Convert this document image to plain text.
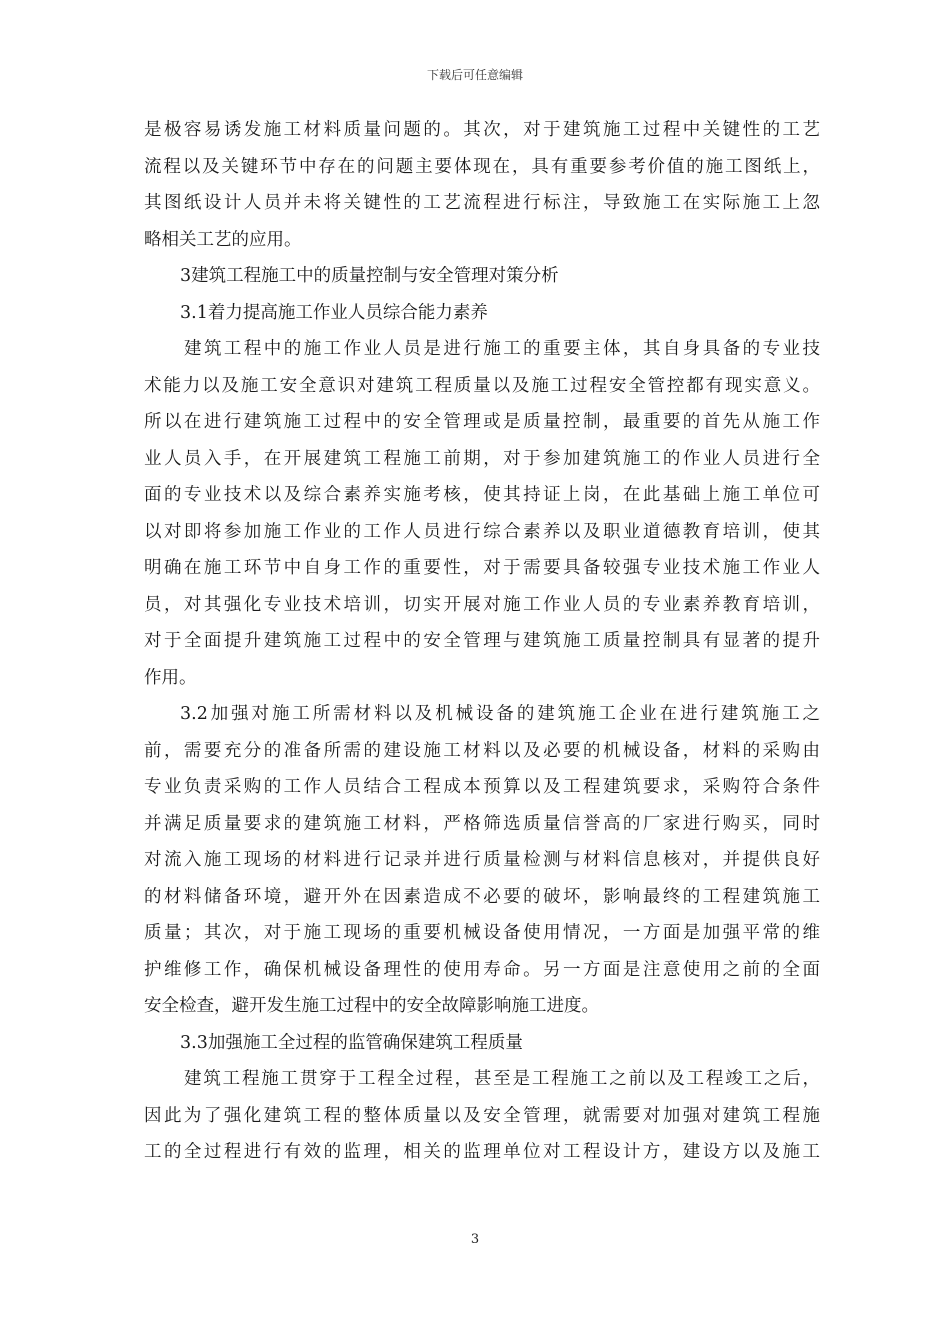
下载后可任意编辑
是极容易诱发施工材料质量问题的。其次，对于建筑施工过程中关键性的工艺
流程以及关键环节中存在的问题主要体现在，具有重要参考价值的施工图纸上，
其图纸设计人员并未将关键性的工艺流程进行标注，导致施工在实际施工上忽
略相关工艺的应用。
3建筑工程施工中的质量控制与安全管理对策分析
3.1着力提高施工作业人员综合能力素养
建筑工程中的施工作业人员是进行施工的重要主体，其自身具备的专业技
术能力以及施工安全意识对建筑工程质量以及施工过程安全管控都有现实意义。
所以在进行建筑施工过程中的安全管理或是质量控制，最重要的首先从施工作
业人员入手，在开展建筑工程施工前期，对于参加建筑施工的作业人员进行全
面的专业技术以及综合素养实施考核，使其持证上岗，在此基础上施工单位可
以对即将参加施工作业的工作人员进行综合素养以及职业道德教育培训，使其
明确在施工环节中自身工作的重要性，对于需要具备较强专业技术施工作业人
员，对其强化专业技术培训，切实开展对施工作业人员的专业素养教育培训，
对于全面提升建筑施工过程中的安全管理与建筑施工质量控制具有显著的提升
作用。
3.2加强对施工所需材料以及机械设备的建筑施工企业在进行建筑施工之
前，需要充分的准备所需的建设施工材料以及必要的机械设备，材料的采购由
专业负责采购的工作人员结合工程成本预算以及工程建筑要求，采购符合条件
并满足质量要求的建筑施工材料，严格筛选质量信誉高的厂家进行购买，同时
对流入施工现场的材料进行记录并进行质量检测与材料信息核对，并提供良好
的材料储备环境，避开外在因素造成不必要的破坏，影响最终的工程建筑施工
质量；其次，对于施工现场的重要机械设备使用情况，一方面是加强平常的维
护维修工作，确保机械设备理性的使用寿命。另一方面是注意使用之前的全面
安全检查，避开发生施工过程中的安全故障影响施工进度。
3.3加强施工全过程的监管确保建筑工程质量
建筑工程施工贯穿于工程全过程，甚至是工程施工之前以及工程竣工之后，
因此为了强化建筑工程的整体质量以及安全管理，就需要对加强对建筑工程施
工的全过程进行有效的监理，相关的监理单位对工程设计方，建设方以及施工
3
